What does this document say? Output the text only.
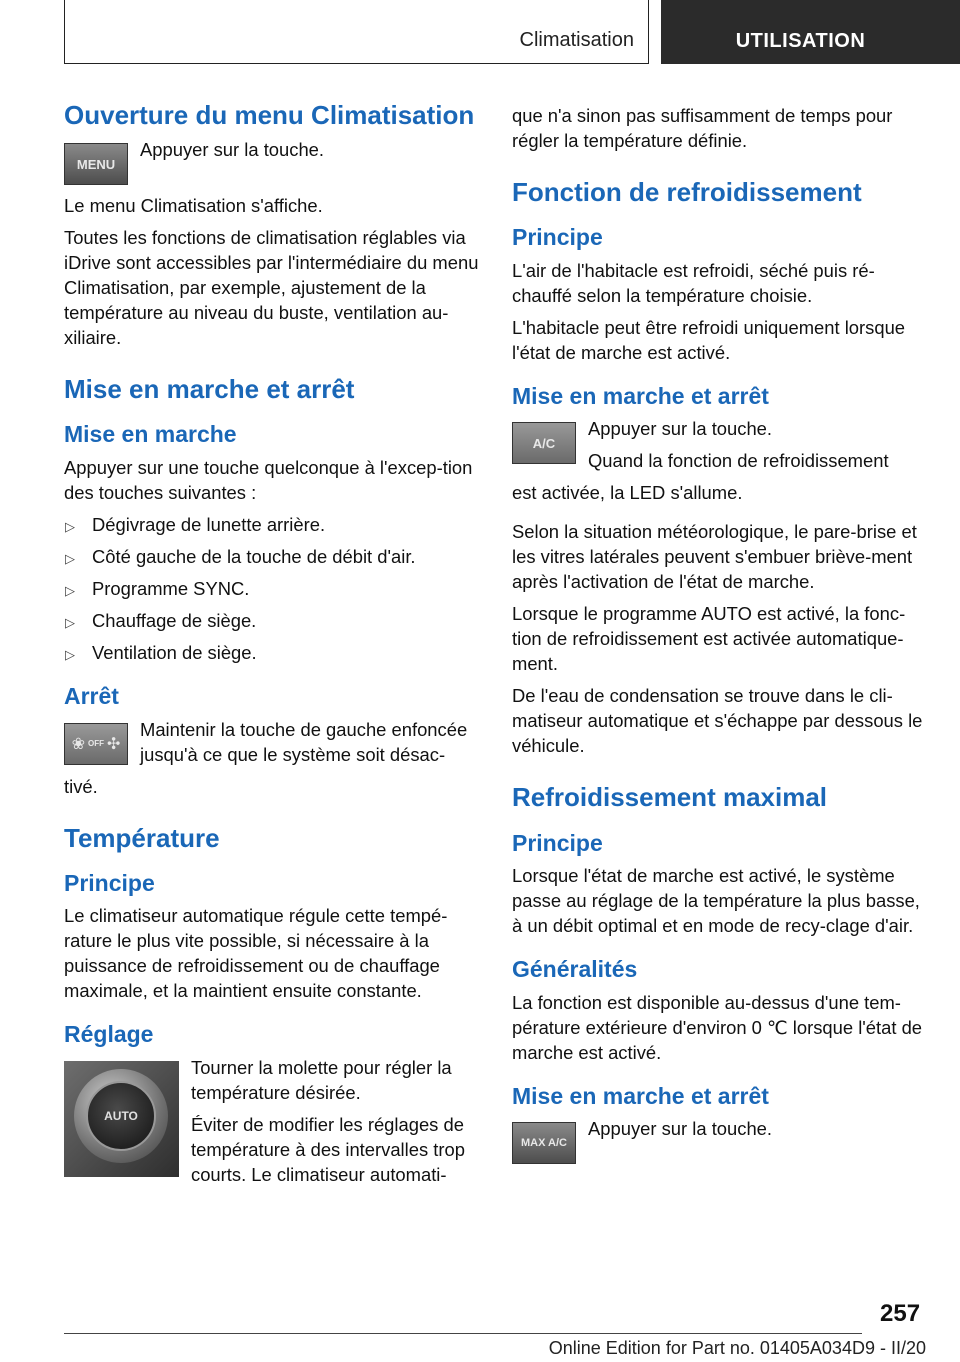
Climatisation	UTILISATION
Ouverture du menu Climatisation
MENU

Appuyer sur la touche.

Le menu Climatisation s'affiche.

Toutes les fonctions de climatisation réglables via iDrive sont accessibles par l'intermédiaire du menu Climatisation, par exemple, ajustement de la température au niveau du buste, ventilation au-xiliaire.

Mise en marche et arrêt
Mise en marche

Appuyer sur une touche quelconque à l'excep-tion des touches suivantes :

▷ Dégivrage de lunette arrière.
▷ Côté gauche de la touche de débit d'air.
▷ Programme SYNC.
▷ Chauffage de siège.
▷ Ventilation de siège.
Arrêt
❀ OFF ✣

Maintenir la touche de gauche enfoncée jusqu'à ce que le système soit désac-

tivé.

Température
Principe

Le climatiseur automatique régule cette tempé-rature le plus vite possible, si nécessaire à la puissance de refroidissement ou de chauffage maximale, et la maintient ensuite constante.

Réglage
AUTO

Tourner la molette pour régler la température désirée.

Éviter de modifier les réglages de température à des intervalles trop courts. Le climatiseur automati-

que n'a sinon pas suffisamment de temps pour régler la température définie.

Fonction de refroidissement
Principe

L'air de l'habitacle est refroidi, séché puis ré-chauffé selon la température choisie.

L'habitacle peut être refroidi uniquement lorsque l'état de marche est activé.

Mise en marche et arrêt
A/C

Appuyer sur la touche.

Quand la fonction de refroidissement

est activée, la LED s'allume.

Selon la situation météorologique, le pare-brise et les vitres latérales peuvent s'embuer briève-ment après l'activation de l'état de marche.

Lorsque le programme AUTO est activé, la fonc-tion de refroidissement est activée automatique-ment.

De l'eau de condensation se trouve dans le cli-matiseur automatique et s'échappe par dessous le véhicule.

Refroidissement maximal
Principe

Lorsque l'état de marche est activé, le système passe au réglage de la température la plus basse, à un débit optimal et en mode de recy-clage d'air.

Généralités

La fonction est disponible au-dessus d'une tem-pérature extérieure d'environ 0 ℃ lorsque l'état de marche est activé.

Mise en marche et arrêt
MAX A/C

Appuyer sur la touche.

257
Online Edition for Part no. 01405A034D9 - II/20
